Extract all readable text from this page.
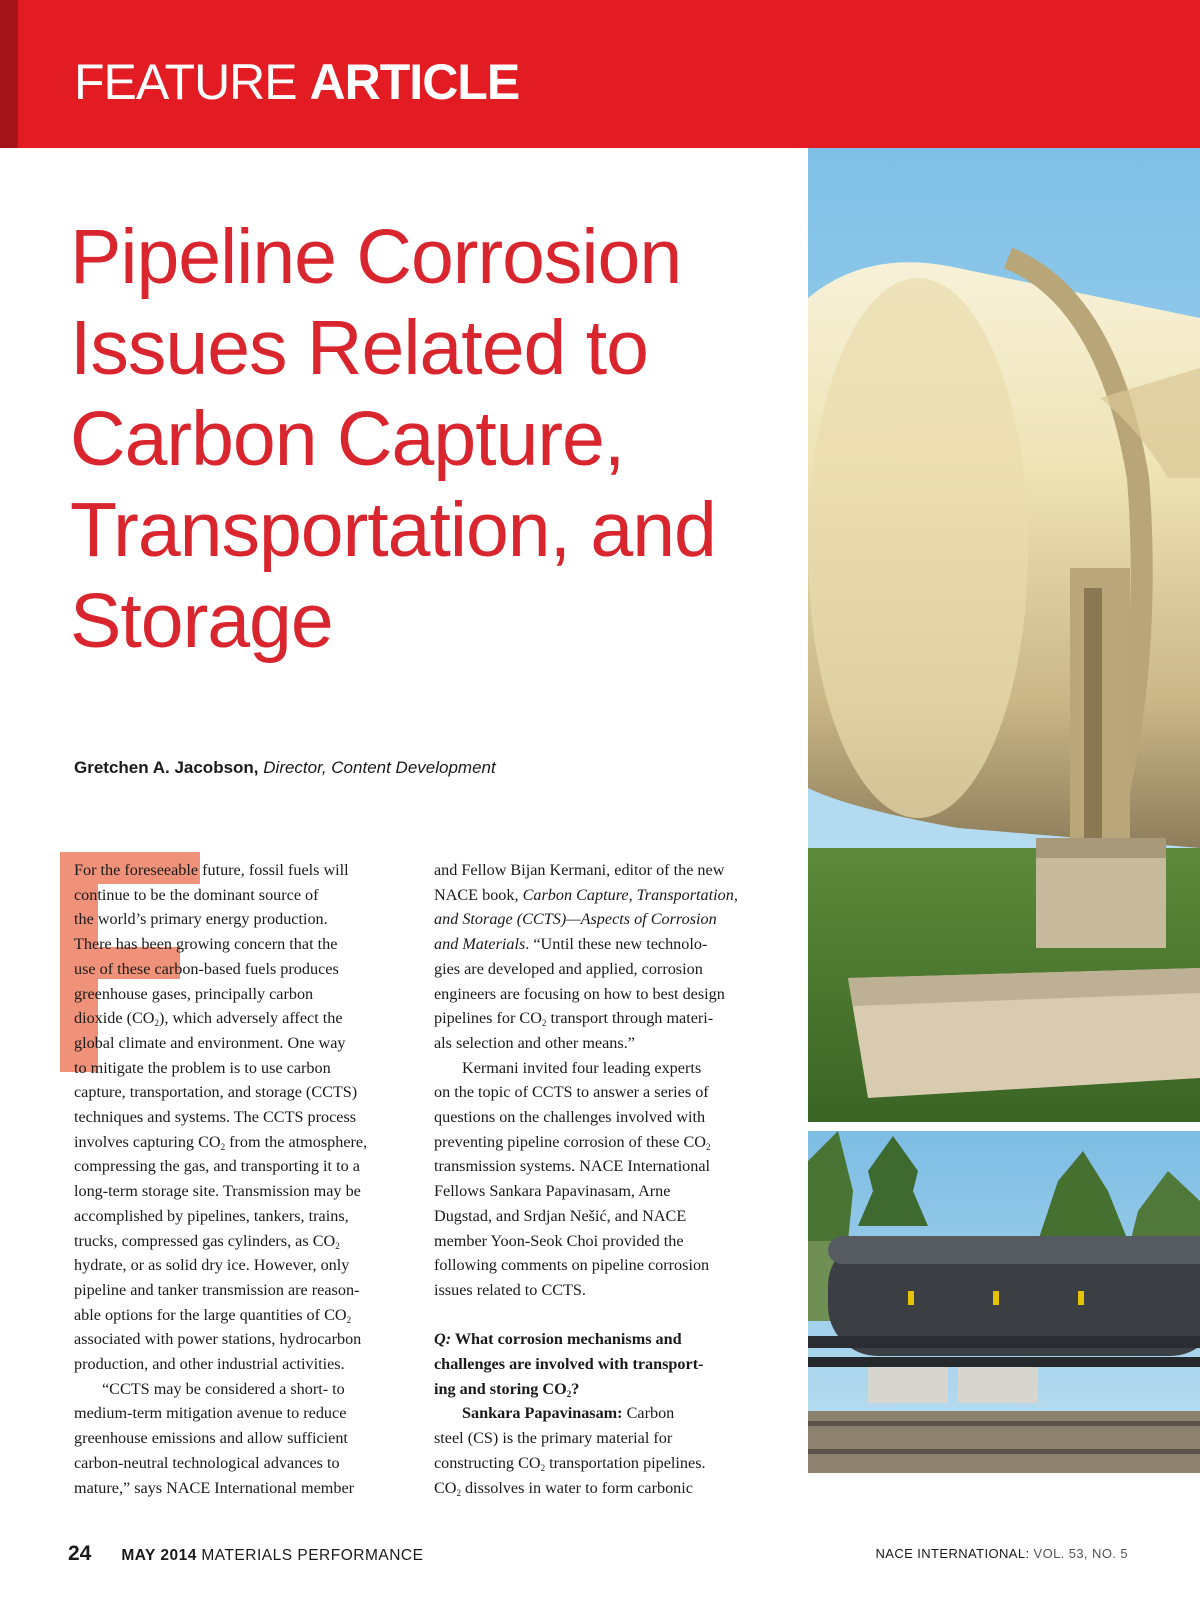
FEATURE ARTICLE
Pipeline Corrosion
Issues Related to
Carbon Capture,
Transportation, and
Storage
Gretchen A. Jacobson, Director, Content Development
For the foreseeable future, fossil fuels will
continue to be the dominant source of
the world’s primary energy production.
There has been growing concern that the
use of these carbon-based fuels produces
greenhouse gases, principally carbon
dioxide $(CO_2)$, which adversely affect the
global climate and environment. One way
to mitigate the problem is to use carbon
capture, transportation, and storage (CCTS)
techniques and systems. The CCTS process
involves capturing $CO_2$ from the atmosphere,
compressing the gas, and transporting it to a
long-term storage site. Transmission may be
accomplished by pipelines, tankers, trains,
trucks, compressed gas cylinders, as $CO_2$
hydrate, or as solid dry ice. However, only
pipeline and tanker transmission are reason-
able options for the large quantities of $CO_2$
associated with power stations, hydrocarbon
production, and other industrial activities.
“CCTS may be considered a short- to
medium-term mitigation avenue to reduce
greenhouse emissions and allow sufficient
carbon-neutral technological advances to
mature,” says NACE International member
and Fellow Bijan Kermani, editor of the new
NACE book, Carbon Capture, Transportation,
and Storage (CCTS)—Aspects of Corrosion
and Materials. “Until these new technolo-
gies are developed and applied, corrosion
engineers are focusing on how to best design
pipelines for $CO_2$ transport through materi-
als selection and other means.”
Kermani invited four leading experts
on the topic of CCTS to answer a series of
questions on the challenges involved with
preventing pipeline corrosion of these $CO_2$
transmission systems. NACE International
Fellows Sankara Papavinasam, Arne
Dugstad, and Srdjan Nešić, and NACE
member Yoon-Seok Choi provided the
following comments on pipeline corrosion
issues related to CCTS.
Q: What corrosion mechanisms and
challenges are involved with transport-
ing and storing $CO_2$?
Sankara Papavinasam: Carbon
steel (CS) is the primary material for
constructing $CO_2$ transportation pipelines.
$CO_2$ dissolves in water to form carbonic
24 MAY 2014 MATERIALS PERFORMANCE	NACE INTERNATIONAL: VOL. 53, NO. 5
